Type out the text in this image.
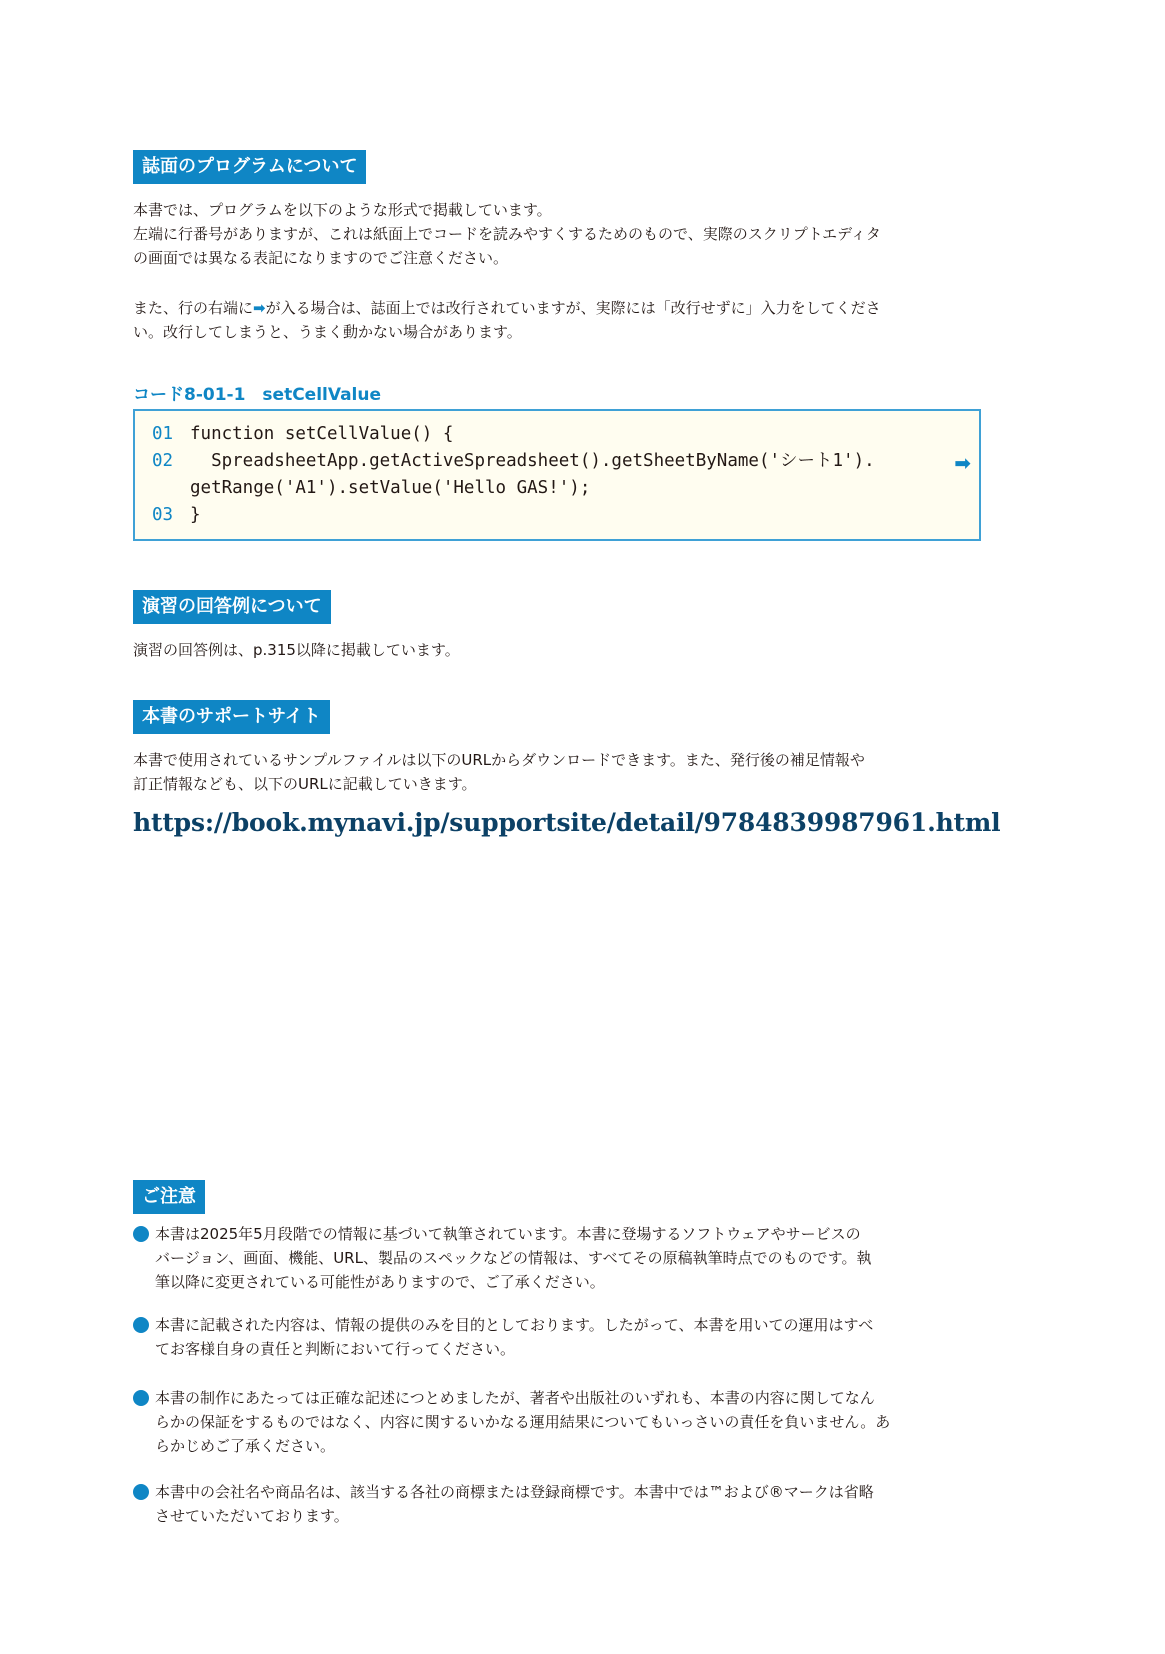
誌面のプログラムについて
本書では、プログラムを以下のような形式で掲載しています。
左端に行番号がありますが、これは紙面上でコードを読みやすくするためのもので、実際のスクリプトエディタ
の画面では異なる表記になりますのでご注意ください。
また、行の右端に➡が入る場合は、誌面上では改行されていますが、実際には「改行せずに」入力をしてくださ
い。改行してしまうと、うまく動かない場合があります。
コード8-01-1　setCellValue
01 function setCellValue() {
02  SpreadsheetApp.getActiveSpreadsheet().getSheetByName('シート1').
getRange('A1').setValue('Hello GAS!');
03 }
➡
演習の回答例について
演習の回答例は、p.315以降に掲載しています。
本書のサポートサイト
本書で使用されているサンプルファイルは以下のURLからダウンロードできます。また、発行後の補足情報や
訂正情報なども、以下のURLに記載していきます。
https://book.mynavi.jp/supportsite/detail/9784839987961.html
ご注意
本書は2025年5月段階での情報に基づいて執筆されています。本書に登場するソフトウェアやサービスの
バージョン、画面、機能、URL、製品のスペックなどの情報は、すべてその原稿執筆時点でのものです。執
筆以降に変更されている可能性がありますので、ご了承ください。
本書に記載された内容は、情報の提供のみを目的としております。したがって、本書を用いての運用はすべ
てお客様自身の責任と判断において行ってください。
本書の制作にあたっては正確な記述につとめましたが、著者や出版社のいずれも、本書の内容に関してなん
らかの保証をするものではなく、内容に関するいかなる運用結果についてもいっさいの責任を負いません。あ
らかじめご了承ください。
本書中の会社名や商品名は、該当する各社の商標または登録商標です。本書中では™および®マークは省略
させていただいております。
